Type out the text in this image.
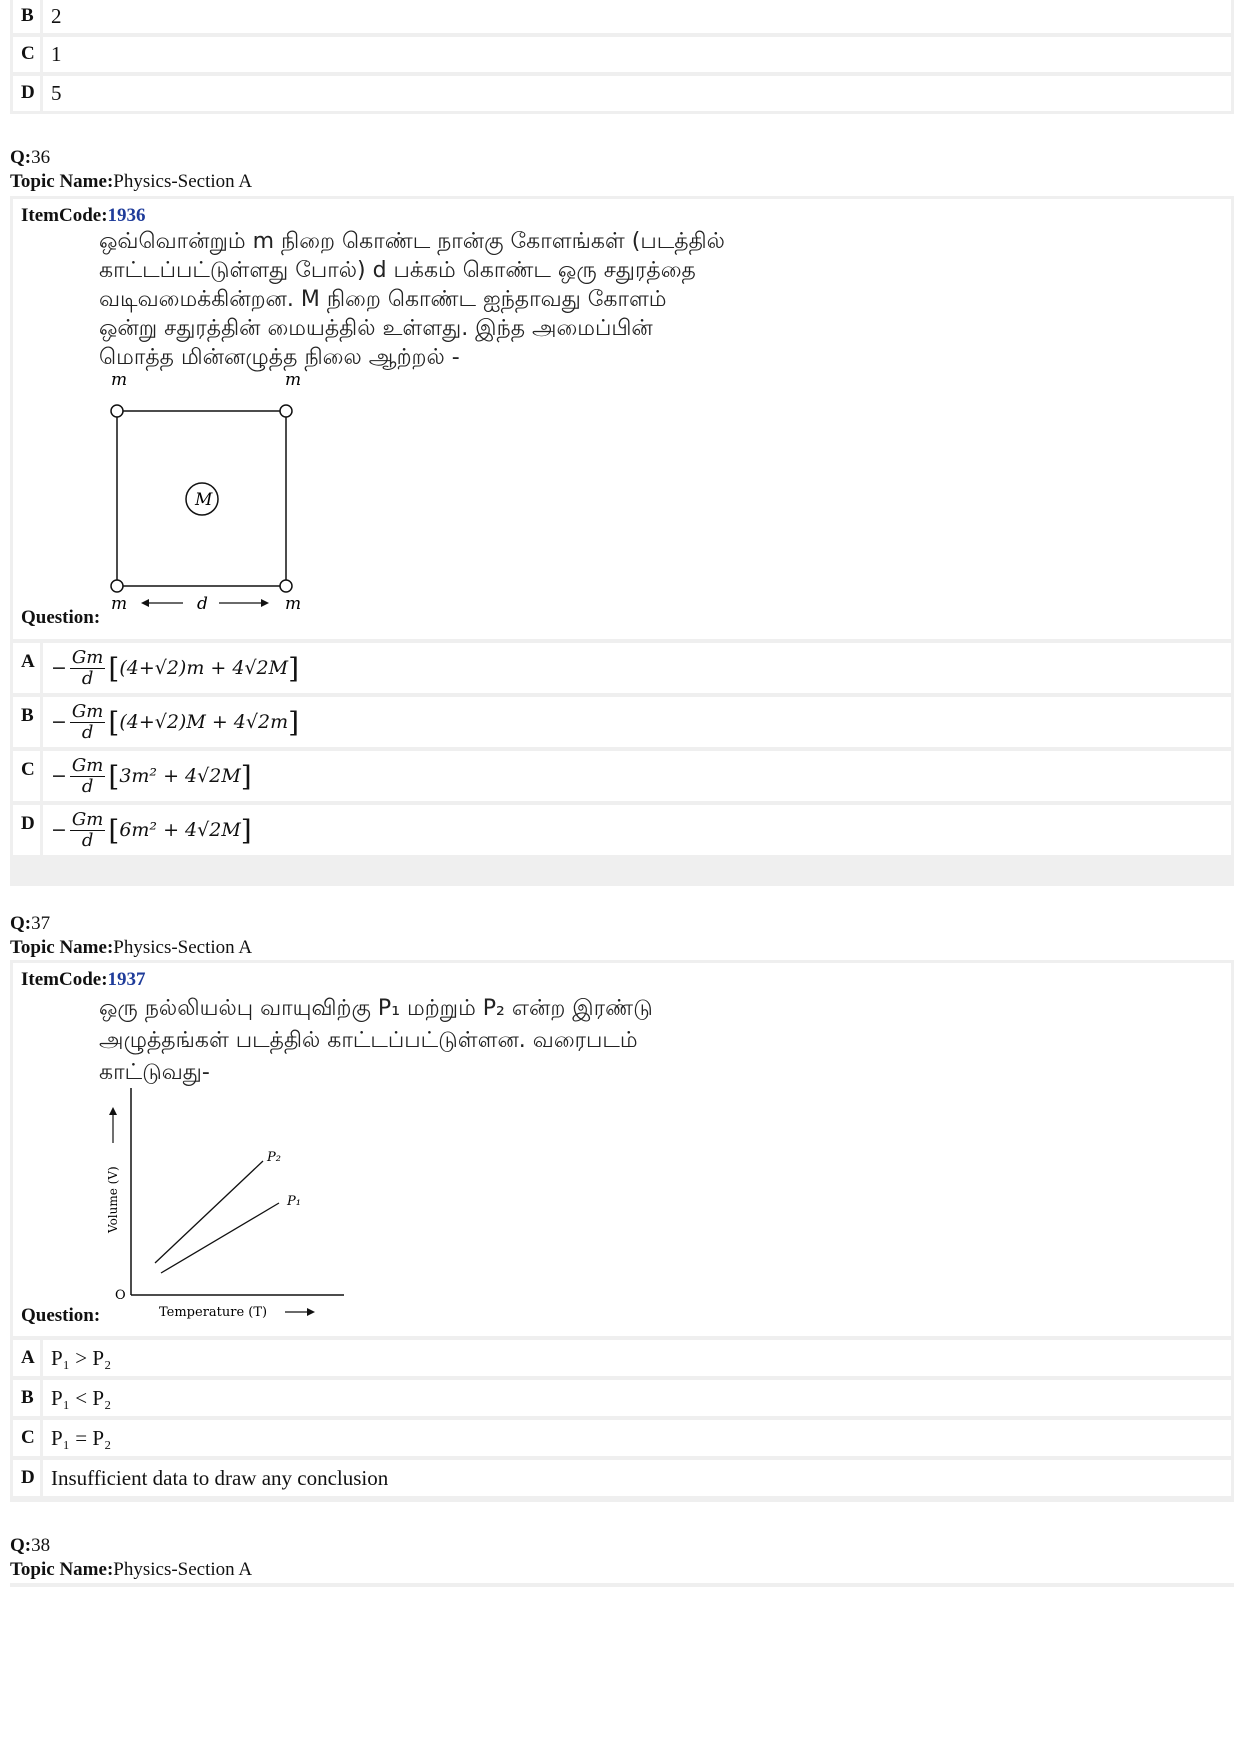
B 2
C 1
D 5
Q:36
Topic Name:Physics-Section A
ItemCode:1936
ஒவ்வொன்றும் m நிறை கொண்ட நான்கு கோளங்கள் (படத்தில்
காட்டப்பட்டுள்ளது போல்) d பக்கம் கொண்ட ஒரு சதுரத்தை
வடிவமைக்கின்றன. M நிறை கொண்ட ஐந்தாவது கோளம்
ஒன்று சதுரத்தின் மையத்தில் உள்ளது. இந்த அமைப்பின்
மொத்த மின்னழுத்த நிலை ஆற்றல் -
m	m
M
m	d	m
Question:
$A - \frac{Gm}{d}$ [ (4+√2)m + 4√2M ]
$B - \frac{Gm}{d}$ [ (4+√2)M + 4√2m ]
$C - \frac{Gm}{d}$ [ 3m² + 4√2M ]
$D - \frac{Gm}{d}$ [ 6m² + 4√2M ]
Q:37
Topic Name:Physics-Section A
ItemCode:1937
ஒரு நல்லியல்பு வாயுவிற்கு P₁ மற்றும் P₂ என்ற இரண்டு
அழுத்தங்கள் படத்தில் காட்டப்பட்டுள்ளன. வரைபடம்
காட்டுவது-
O
Volume (V)
Temperature (T)
P₂
P₁
Question:
A P₁ > P₂
B P₁ < P₂
C P₁ = P₂
D Insufficient data to draw any conclusion
Q:38
Topic Name:Physics-Section A
